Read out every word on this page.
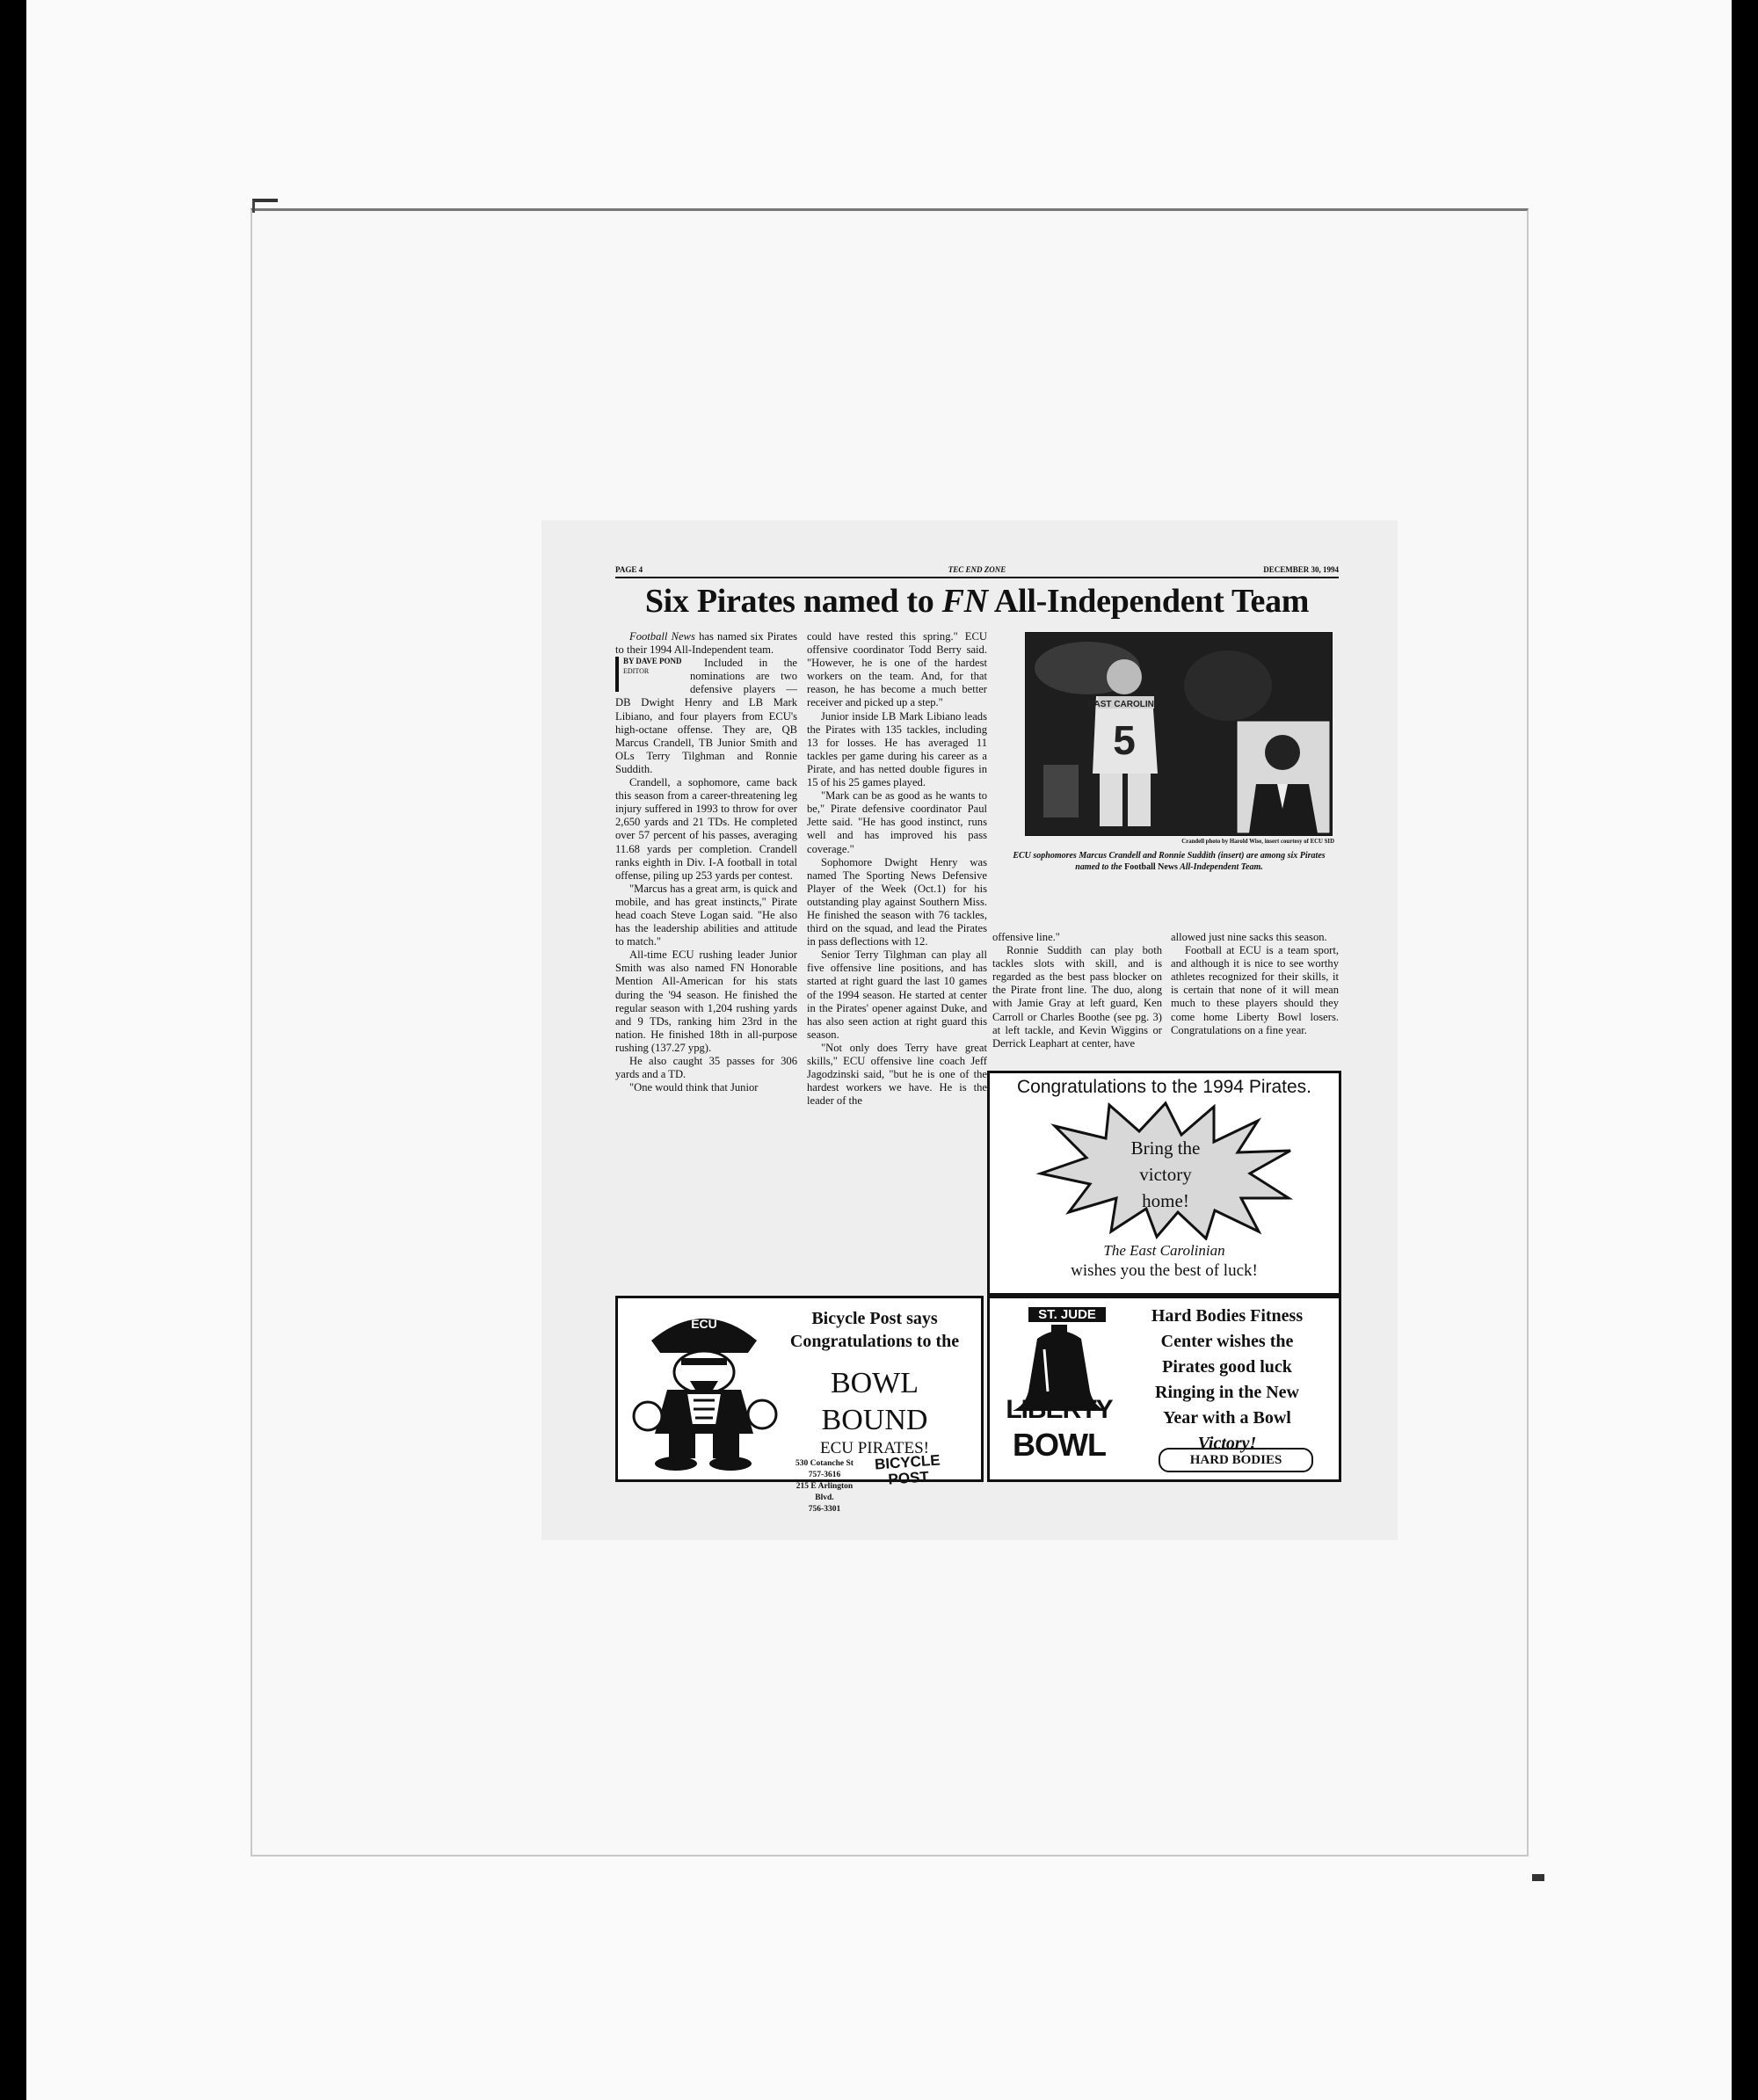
PAGE 4	TEC END ZONE	DECEMBER 30, 1994
Six Pirates named to FN All-Independent Team

Football News has named six Pirates to their 1994 All-Independent team.

BY DAVE POND
EDITOR

Included in the nominations are two defensive players — DB Dwight Henry and LB Mark Libiano, and four players from ECU's high-octane offense. They are, QB Marcus Crandell, TB Junior Smith and OLs Terry Tilghman and Ronnie Suddith.

Crandell, a sophomore, came back this season from a career-threatening leg injury suffered in 1993 to throw for over 2,650 yards and 21 TDs. He completed over 57 percent of his passes, averaging 11.68 yards per completion. Crandell ranks eighth in Div. I-A football in total offense, piling up 253 yards per contest.

"Marcus has a great arm, is quick and mobile, and has great instincts," Pirate head coach Steve Logan said. "He also has the leadership abilities and attitude to match."

All-time ECU rushing leader Junior Smith was also named FN Honorable Mention All-American for his stats during the '94 season. He finished the regular season with 1,204 rushing yards and 9 TDs, ranking him 23rd in the nation. He finished 18th in all-purpose rushing (137.27 ypg).

He also caught 35 passes for 306 yards and a TD.

"One would think that Junior

could have rested this spring." ECU offensive coordinator Todd Berry said. "However, he is one of the hardest workers on the team. And, for that reason, he has become a much better receiver and picked up a step."

Junior inside LB Mark Libiano leads the Pirates with 135 tackles, including 13 for losses. He has averaged 11 tackles per game during his career as a Pirate, and has netted double figures in 15 of his 25 games played.

"Mark can be as good as he wants to be," Pirate defensive coordinator Paul Jette said. "He has good instinct, runs well and has improved his pass coverage."

Sophomore Dwight Henry was named The Sporting News Defensive Player of the Week (Oct.1) for his outstanding play against Southern Miss. He finished the season with 76 tackles, third on the squad, and lead the Pirates in pass deflections with 12.

Senior Terry Tilghman can play all five offensive line positions, and has started at right guard the last 10 games of the 1994 season. He started at center in the Pirates' opener against Duke, and has also seen action at right guard this season.

"Not only does Terry have great skills," ECU offensive line coach Jeff Jagodzinski said, "but he is one of the hardest workers we have. He is the leader of the

EAST CAROLINA
5
Crandell photo by Harold Wise, insert courtesy of ECU SID
ECU sophomores Marcus Crandell and Ronnie Suddith (insert) are among six Pirates named to the Football News All-Independent Team.

offensive line."

Ronnie Suddith can play both tackles slots with skill, and is regarded as the best pass blocker on the Pirate front line. The duo, along with Jamie Gray at left guard, Ken Carroll or Charles Boothe (see pg. 3) at left tackle, and Kevin Wiggins or Derrick Leaphart at center, have

allowed just nine sacks this season.

Football at ECU is a team sport, and although it is nice to see worthy athletes recognized for their skills, it is certain that none of it will mean much to these players should they come home Liberty Bowl losers. Congratulations on a fine year.

Congratulations to the 1994 Pirates.
Bring the
victory
home!
The East Carolinian
wishes you the best of luck!
ECU	Bicycle Post says
Congratulations to the
BOWL
BOUND
ECU PIRATES!
530 Cotanche St
757-3616
215 E Arlington
Blvd.
756-3301
BICYCLE
POST
ST. JUDE
LIBERTY
BOWL
Hard Bodies Fitness
Center wishes the
Pirates good luck
Ringing in the New
Year with a Bowl
Victory!
HARD BODIES
